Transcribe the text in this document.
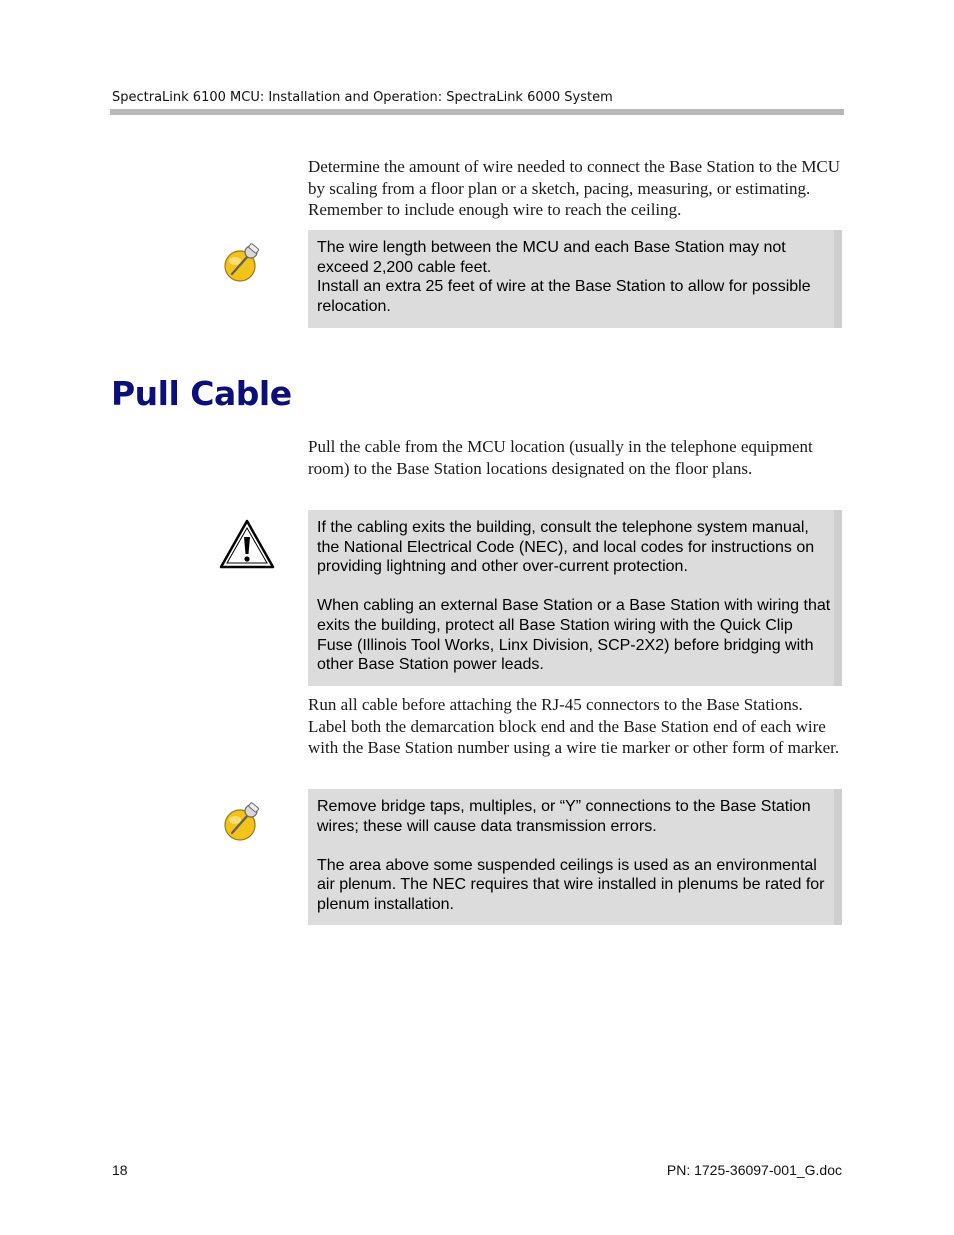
SpectraLink 6100 MCU: Installation and Operation: SpectraLink 6000 System
Determine the amount of wire needed to connect the Base Station to the MCU by scaling from a floor plan or a sketch, pacing, measuring, or estimating. Remember to include enough wire to reach the ceiling.

The wire length between the MCU and each Base Station may not exceed 2,200 cable feet.

Install an extra 25 feet of wire at the Base Station to allow for possible relocation.

Pull Cable
Pull the cable from the MCU location (usually in the telephone equipment room) to the Base Station locations designated on the floor plans.

If the cabling exits the building, consult the telephone system manual, the National Electrical Code (NEC), and local codes for instructions on providing lightning and other over-current protection.

When cabling an external Base Station or a Base Station with wiring that exits the building, protect all Base Station wiring with the Quick Clip Fuse (Illinois Tool Works, Linx Division, SCP-2X2) before bridging with other Base Station power leads.

Run all cable before attaching the RJ-45 connectors to the Base Stations. Label both the demarcation block end and the Base Station end of each wire with the Base Station number using a wire tie marker or other form of marker.

Remove bridge taps, multiples, or “Y” connections to the Base Station wires; these will cause data transmission errors.

The area above some suspended ceilings is used as an environmental air plenum. The NEC requires that wire installed in plenums be rated for plenum installation.

18	PN: 1725-36097-001_G.doc
